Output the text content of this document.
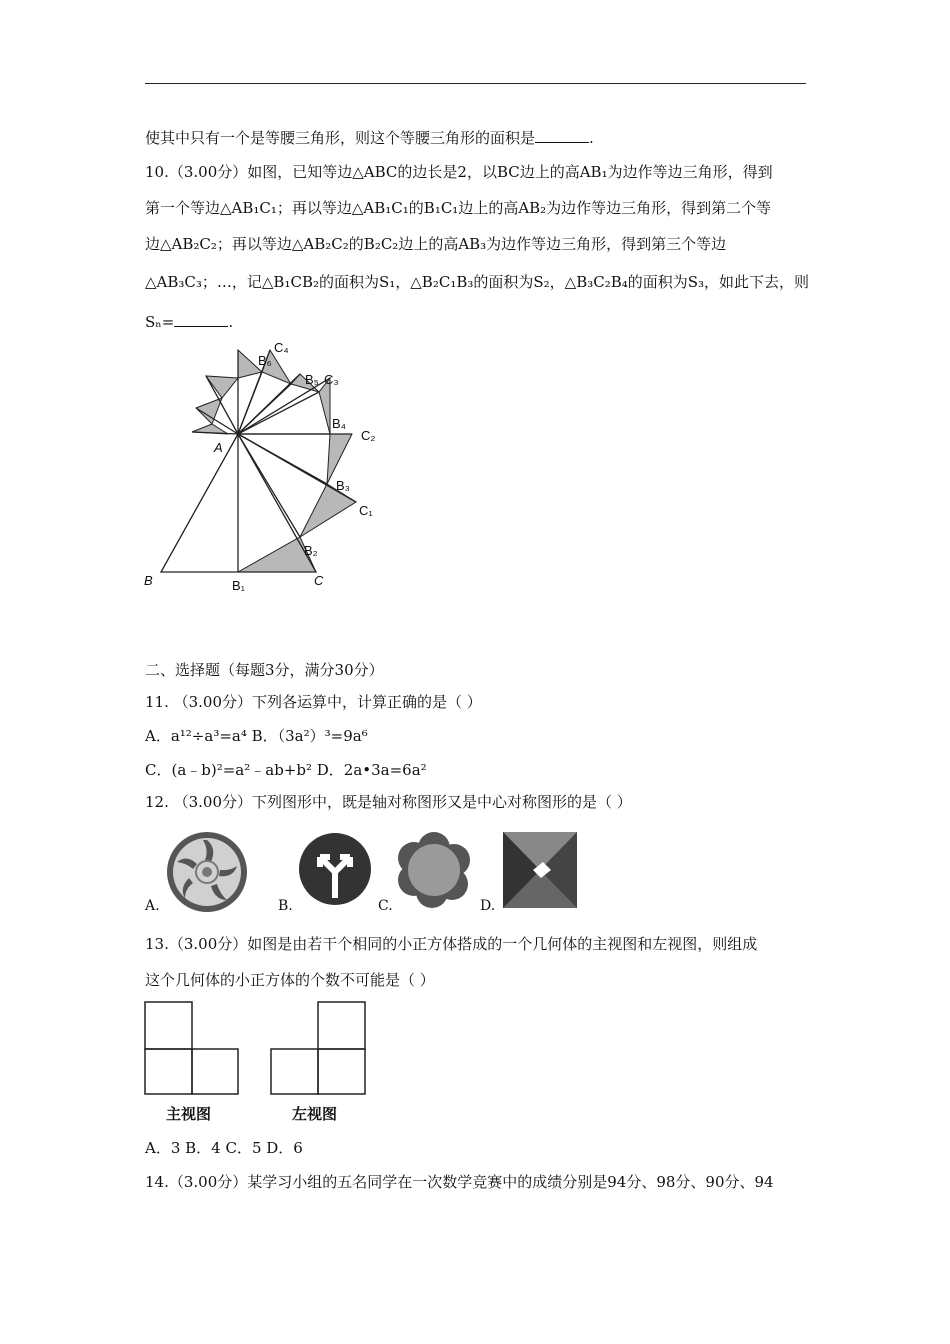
使其中只有一个是等腰三角形，则这个等腰三角形的面积是	.
10.（3.00分）如图，已知等边△ABC的边长是2，以BC边上的高AB₁为边作等边三角形，得到
第一个等边△AB₁C₁；再以等边△AB₁C₁的B₁C₁边上的高AB₂为边作等边三角形，得到第二个等
边△AB₂C₂；再以等边△AB₂C₂的B₂C₂边上的高AB₃为边作等边三角形，得到第三个等边
△AB₃C₃；…，记△B₁CB₂的面积为S₁，△B₂C₁B₃的面积为S₂，△B₃C₂B₄的面积为S₃，如此下去，则
Sₙ=	.
A
B	C
B₁
B₂
B₃
B₄
B₅
B₆
C₁
C₂
C₃
C₄
二、选择题（每题3分，满分30分）
11. （3.00分）下列各运算中，计算正确的是（ ）
A．a¹²÷a³=a⁴ B．（3a²）³=9a⁶
C．(a﹣b)²=a²﹣ab+b² D．2a•3a=6a²
12. （3.00分）下列图形中，既是轴对称图形又是中心对称图形的是（ ）
A.	B.	C.	D.
13.（3.00分）如图是由若干个相同的小正方体搭成的一个几何体的主视图和左视图，则组成
这个几何体的小正方体的个数不可能是（ ）
主视图	左视图
A．3 B．4 C．5 D．6
14.（3.00分）某学习小组的五名同学在一次数学竞赛中的成绩分别是94分、98分、90分、94
